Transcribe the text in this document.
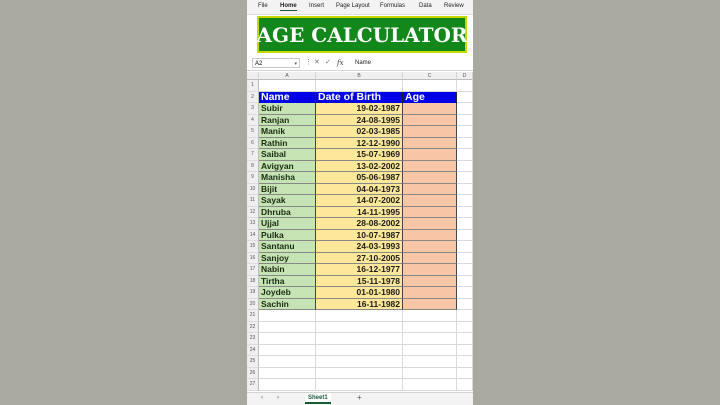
File Home Insert Page Layout Formulas Data Review
AGE CALCULATOR
A2	▾ ⋮ ✕ ✓ fx Name
A	B	C	D
1
2 Name	Date of Birth	Age
3 Subir	19-02-1987
4 Ranjan	24-08-1995
5 Manik	02-03-1985
6 Rathin	12-12-1990
7 Saibal	15-07-1969
8 Avigyan	13-02-2002
9 Manisha	05-06-1987
10 Bijit	04-04-1973
11 Sayak	14-07-2002
12 Dhruba	14-11-1995
13 Ujjal	28-08-2002
14 Pulka	10-07-1987
15 Santanu	24-03-1993
16 Sanjoy	27-10-2005
17 Nabin	16-12-1977
18 Tirtha	15-11-1978
19 Joydeb	01-01-1980
20 Sachin	16-11-1982
21
22
23
24
25
26
27
‹ ›	Sheet1	+
